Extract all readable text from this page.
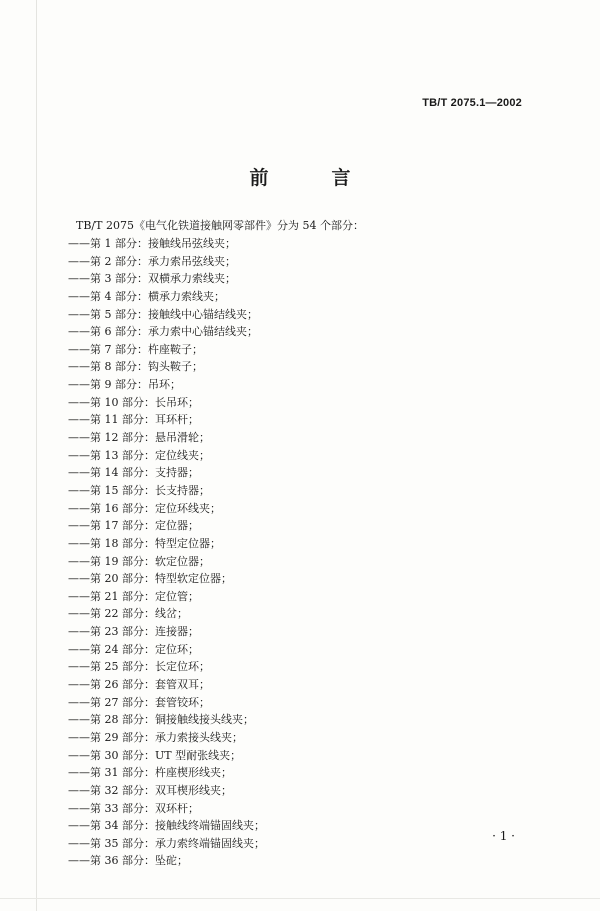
TB/T 2075.1—2002
前　言
TB/T 2075《电气化铁道接触网零部件》分为 54 个部分：
——第 1 部分：接触线吊弦线夹；
——第 2 部分：承力索吊弦线夹；
——第 3 部分：双横承力索线夹；
——第 4 部分：横承力索线夹；
——第 5 部分：接触线中心锚结线夹；
——第 6 部分：承力索中心锚结线夹；
——第 7 部分：杵座鞍子；
——第 8 部分：钩头鞍子；
——第 9 部分：吊环；
——第 10 部分：长吊环；
——第 11 部分：耳环杆；
——第 12 部分：悬吊滑轮；
——第 13 部分：定位线夹；
——第 14 部分：支持器；
——第 15 部分：长支持器；
——第 16 部分：定位环线夹；
——第 17 部分：定位器；
——第 18 部分：特型定位器；
——第 19 部分：软定位器；
——第 20 部分：特型软定位器；
——第 21 部分：定位管；
——第 22 部分：线岔；
——第 23 部分：连接器；
——第 24 部分：定位环；
——第 25 部分：长定位环；
——第 26 部分：套管双耳；
——第 27 部分：套管铰环；
——第 28 部分：铜接触线接头线夹；
——第 29 部分：承力索接头线夹；
——第 30 部分：UT 型耐张线夹；
——第 31 部分：杵座楔形线夹；
——第 32 部分：双耳楔形线夹；
——第 33 部分：双环杆；
——第 34 部分：接触线终端锚固线夹；
——第 35 部分：承力索终端锚固线夹；
——第 36 部分：坠砣；
· 1 ·
